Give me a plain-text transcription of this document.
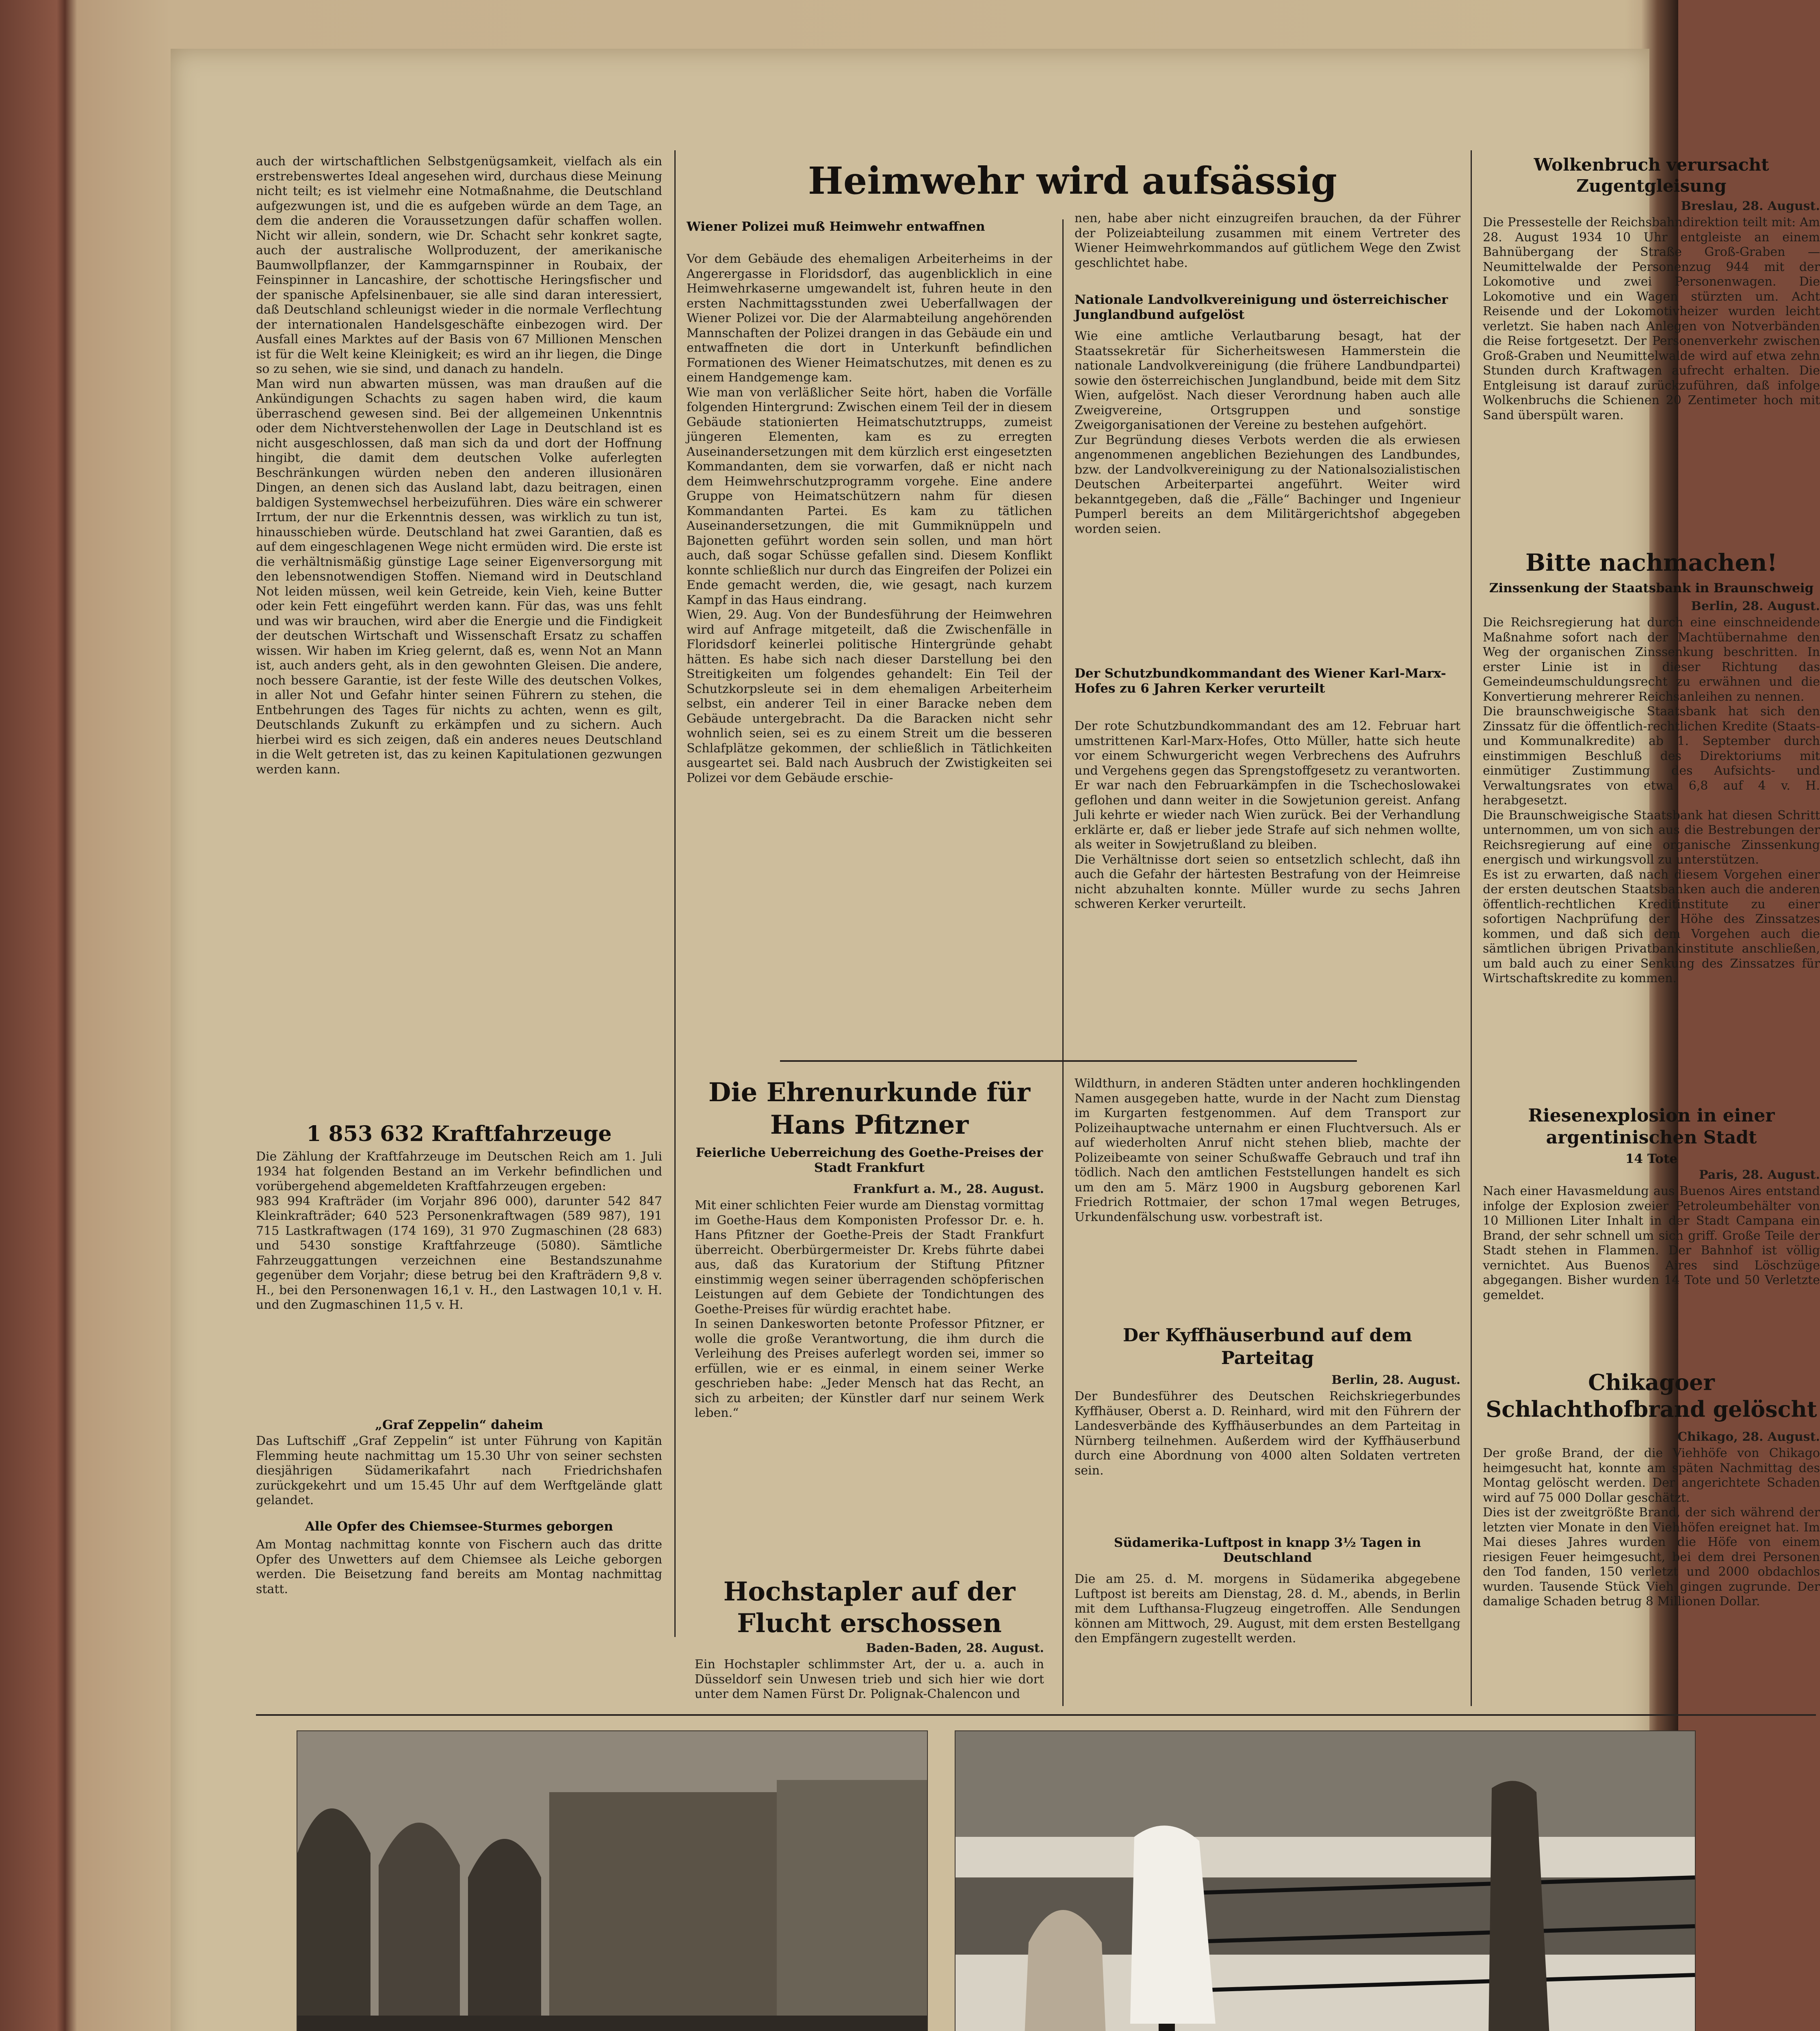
auch der wirtschaftlichen Selbstgenügsamkeit, vielfach als ein erstrebenswertes Ideal angesehen wird, durchaus diese Meinung nicht teilt; es ist vielmehr eine Notmaßnahme, die Deutschland aufgezwungen ist, und die es aufgeben würde an dem Tage, an dem die anderen die Voraussetzungen dafür schaffen wollen. Nicht wir allein, sondern, wie Dr. Schacht sehr konkret sagte, auch der australische Wollproduzent, der amerikanische Baumwollpflanzer, der Kammgarnspinner in Roubaix, der Feinspinner in Lancashire, der schottische Heringsfischer und der spanische Apfelsinenbauer, sie alle sind daran interessiert, daß Deutschland schleunigst wieder in die normale Verflechtung der internationalen Handelsgeschäfte einbezogen wird. Der Ausfall eines Marktes auf der Basis von 67 Millionen Menschen ist für die Welt keine Kleinigkeit; es wird an ihr liegen, die Dinge so zu sehen, wie sie sind, und danach zu handeln.
Man wird nun abwarten müssen, was man draußen auf die Ankündigungen Schachts zu sagen haben wird, die kaum überraschend gewesen sind. Bei der allgemeinen Unkenntnis oder dem Nichtverstehenwollen der Lage in Deutschland ist es nicht ausgeschlossen, daß man sich da und dort der Hoffnung hingibt, die damit dem deutschen Volke auferlegten Beschränkungen würden neben den anderen illusionären Dingen, an denen sich das Ausland labt, dazu beitragen, einen baldigen Systemwechsel herbeizuführen. Dies wäre ein schwerer Irrtum, der nur die Erkenntnis dessen, was wirklich zu tun ist, hinausschieben würde. Deutschland hat zwei Garantien, daß es auf dem eingeschlagenen Wege nicht ermüden wird. Die erste ist die verhältnismäßig günstige Lage seiner Eigenversorgung mit den lebensnotwendigen Stoffen. Niemand wird in Deutschland Not leiden müssen, weil kein Getreide, kein Vieh, keine Butter oder kein Fett eingeführt werden kann. Für das, was uns fehlt und was wir brauchen, wird aber die Energie und die Findigkeit der deutschen Wirtschaft und Wissenschaft Ersatz zu schaffen wissen. Wir haben im Krieg gelernt, daß es, wenn Not an Mann ist, auch anders geht, als in den gewohnten Gleisen. Die andere, noch bessere Garantie, ist der feste Wille des deutschen Volkes, in aller Not und Gefahr hinter seinen Führern zu stehen, die Entbehrungen des Tages für nichts zu achten, wenn es gilt, Deutschlands Zukunft zu erkämpfen und zu sichern. Auch hierbei wird es sich zeigen, daß ein anderes neues Deutschland in die Welt getreten ist, das zu keinen Kapitulationen gezwungen werden kann.
1 853 632 Kraftfahrzeuge
Die Zählung der Kraftfahrzeuge im Deutschen Reich am 1. Juli 1934 hat folgenden Bestand an im Verkehr befindlichen und vorübergehend abgemeldeten Kraftfahrzeugen ergeben:
983 994 Krafträder (im Vorjahr 896 000), darunter 542 847 Kleinkrafträder; 640 523 Personenkraftwagen (589 987), 191 715 Lastkraftwagen (174 169), 31 970 Zugmaschinen (28 683) und 5430 sonstige Kraftfahrzeuge (5080). Sämtliche Fahrzeuggattungen verzeichnen eine Bestandszunahme gegenüber dem Vorjahr; diese betrug bei den Krafträdern 9,8 v. H., bei den Personenwagen 16,1 v. H., den Lastwagen 10,1 v. H. und den Zugmaschinen 11,5 v. H.
„Graf Zeppelin“ daheim
Das Luftschiff „Graf Zeppelin“ ist unter Führung von Kapitän Flemming heute nachmittag um 15.30 Uhr von seiner sechsten diesjährigen Südamerikafahrt nach Friedrichshafen zurückgekehrt und um 15.45 Uhr auf dem Werftgelände glatt gelandet.
Alle Opfer des Chiemsee-Sturmes geborgen
Am Montag nachmittag konnte von Fischern auch das dritte Opfer des Unwetters auf dem Chiemsee als Leiche geborgen werden. Die Beisetzung fand bereits am Montag nachmittag statt.
Heimwehr wird aufsässig
Wiener Polizei muß Heimwehr entwaffnen
Vor dem Gebäude des ehemaligen Arbeiterheims in der Angerergasse in Floridsdorf, das augenblicklich in eine Heimwehrkaserne umgewandelt ist, fuhren heute in den ersten Nachmittagsstunden zwei Ueberfallwagen der Wiener Polizei vor. Die der Alarmabteilung angehörenden Mannschaften der Polizei drangen in das Gebäude ein und entwaffneten die dort in Unterkunft befindlichen Formationen des Wiener Heimatschutzes, mit denen es zu einem Handgemenge kam.
Wie man von verläßlicher Seite hört, haben die Vorfälle folgenden Hintergrund: Zwischen einem Teil der in diesem Gebäude stationierten Heimatschutztrupps, zumeist jüngeren Elementen, kam es zu erregten Auseinandersetzungen mit dem kürzlich erst eingesetzten Kommandanten, dem sie vorwarfen, daß er nicht nach dem Heimwehrschutzprogramm vorgehe. Eine andere Gruppe von Heimatschützern nahm für diesen Kommandanten Partei. Es kam zu tätlichen Auseinandersetzungen, die mit Gummiknüppeln und Bajonetten geführt worden sein sollen, und man hört auch, daß sogar Schüsse gefallen sind. Diesem Konflikt konnte schließlich nur durch das Eingreifen der Polizei ein Ende gemacht werden, die, wie gesagt, nach kurzem Kampf in das Haus eindrang.
Wien, 29. Aug. Von der Bundesführung der Heimwehren wird auf Anfrage mitgeteilt, daß die Zwischenfälle in Floridsdorf keinerlei politische Hintergründe gehabt hätten. Es habe sich nach dieser Darstellung bei den Streitigkeiten um folgendes gehandelt: Ein Teil der Schutzkorpsleute sei in dem ehemaligen Arbeiterheim selbst, ein anderer Teil in einer Baracke neben dem Gebäude untergebracht. Da die Baracken nicht sehr wohnlich seien, sei es zu einem Streit um die besseren Schlafplätze gekommen, der schließlich in Tätlichkeiten ausgeartet sei. Bald nach Ausbruch der Zwistigkeiten sei Polizei vor dem Gebäude erschie-
nen, habe aber nicht einzugreifen brauchen, da der Führer der Polizeiabteilung zusammen mit einem Vertreter des Wiener Heimwehrkommandos auf gütlichem Wege den Zwist geschlichtet habe.
Nationale Landvolkvereinigung und österreichischer Junglandbund aufgelöst
Wie eine amtliche Verlautbarung besagt, hat der Staatssekretär für Sicherheitswesen Hammerstein die nationale Landvolkvereinigung (die frühere Landbundpartei) sowie den österreichischen Junglandbund, beide mit dem Sitz Wien, aufgelöst. Nach dieser Verordnung haben auch alle Zweigvereine, Ortsgruppen und sonstige Zweigorganisationen der Vereine zu bestehen aufgehört.
Zur Begründung dieses Verbots werden die als erwiesen angenommenen angeblichen Beziehungen des Landbundes, bzw. der Landvolkvereinigung zu der Nationalsozialistischen Deutschen Arbeiterpartei angeführt. Weiter wird bekanntgegeben, daß die „Fälle“ Bachinger und Ingenieur Pumperl bereits an dem Militärgerichtshof abgegeben worden seien.
Der Schutzbundkommandant des Wiener Karl-Marx-Hofes zu 6 Jahren Kerker verurteilt
Der rote Schutzbundkommandant des am 12. Februar hart umstrittenen Karl-Marx-Hofes, Otto Müller, hatte sich heute vor einem Schwurgericht wegen Verbrechens des Aufruhrs und Vergehens gegen das Sprengstoffgesetz zu verantworten. Er war nach den Februarkämpfen in die Tschechoslowakei geflohen und dann weiter in die Sowjetunion gereist. Anfang Juli kehrte er wieder nach Wien zurück. Bei der Verhandlung erklärte er, daß er lieber jede Strafe auf sich nehmen wollte, als weiter in Sowjetrußland zu bleiben.
Die Verhältnisse dort seien so entsetzlich schlecht, daß ihn auch die Gefahr der härtesten Bestrafung von der Heimreise nicht abzuhalten konnte. Müller wurde zu sechs Jahren schweren Kerker verurteilt.
Die Ehrenurkunde für Hans Pfitzner
Feierliche Ueberreichung des Goethe-Preises der Stadt Frankfurt
Frankfurt a. M., 28. August.
Mit einer schlichten Feier wurde am Dienstag vormittag im Goethe-Haus dem Komponisten Professor Dr. e. h. Hans Pfitzner der Goethe-Preis der Stadt Frankfurt überreicht. Oberbürgermeister Dr. Krebs führte dabei aus, daß das Kuratorium der Stiftung Pfitzner einstimmig wegen seiner überragenden schöpferischen Leistungen auf dem Gebiete der Tondichtungen des Goethe-Preises für würdig erachtet habe.
In seinen Dankesworten betonte Professor Pfitzner, er wolle die große Verantwortung, die ihm durch die Verleihung des Preises auferlegt worden sei, immer so erfüllen, wie er es einmal, in einem seiner Werke geschrieben habe: „Jeder Mensch hat das Recht, an sich zu arbeiten; der Künstler darf nur seinem Werk leben.“
Hochstapler auf der Flucht erschossen
Baden-Baden, 28. August.
Ein Hochstapler schlimmster Art, der u. a. auch in Düsseldorf sein Unwesen trieb und sich hier wie dort unter dem Namen Fürst Dr. Polignak-Chalencon und
Wildthurn, in anderen Städten unter anderen hochklingenden Namen ausgegeben hatte, wurde in der Nacht zum Dienstag im Kurgarten festgenommen. Auf dem Transport zur Polizeihauptwache unternahm er einen Fluchtversuch. Als er auf wiederholten Anruf nicht stehen blieb, machte der Polizeibeamte von seiner Schußwaffe Gebrauch und traf ihn tödlich. Nach den amtlichen Feststellungen handelt es sich um den am 5. März 1900 in Augsburg geborenen Karl Friedrich Rottmaier, der schon 17mal wegen Betruges, Urkundenfälschung usw. vorbestraft ist.
Der Kyffhäuserbund auf dem Parteitag
Berlin, 28. August.
Der Bundesführer des Deutschen Reichskriegerbundes Kyffhäuser, Oberst a. D. Reinhard, wird mit den Führern der Landesverbände des Kyffhäuserbundes an dem Parteitag in Nürnberg teilnehmen. Außerdem wird der Kyffhäuserbund durch eine Abordnung von 4000 alten Soldaten vertreten sein.
Südamerika-Luftpost in knapp 3½ Tagen in Deutschland
Die am 25. d. M. morgens in Südamerika abgegebene Luftpost ist bereits am Dienstag, 28. d. M., abends, in Berlin mit dem Lufthansa-Flugzeug eingetroffen. Alle Sendungen können am Mittwoch, 29. August, mit dem ersten Bestellgang den Empfängern zugestellt werden.
Wolkenbruch verursacht Zugentgleisung
Breslau, 28. August.
Die Pressestelle der Reichsbahndirektion teilt mit: Am 28. August 1934 10 Uhr entgleiste an einem Bahnübergang der Straße Groß-Graben — Neumittelwalde der Personenzug 944 mit der Lokomotive und zwei Personenwagen. Die Lokomotive und ein Wagen stürzten um. Acht Reisende und der Lokomotivheizer wurden leicht verletzt. Sie haben nach Anlegen von Notverbänden die Reise fortgesetzt. Der Personenverkehr zwischen Groß-Graben und Neumittelwalde wird auf etwa zehn Stunden durch Kraftwagen aufrecht erhalten. Die Entgleisung ist darauf zurückzuführen, daß infolge Wolkenbruchs die Schienen 20 Zentimeter hoch mit Sand überspült waren.
Bitte nachmachen!
Zinssenkung der Staatsbank in Braunschweig
Berlin, 28. August.
Die Reichsregierung hat durch eine einschneidende Maßnahme sofort nach der Machtübernahme den Weg der organischen Zinssenkung beschritten. In erster Linie ist in dieser Richtung das Gemeindeumschuldungsrecht zu erwähnen und die Konvertierung mehrerer Reichsanleihen zu nennen.
Die braunschweigische Staatsbank hat sich den Zinssatz für die öffentlich-rechtlichen Kredite (Staats- und Kommunalkredite) ab 1. September durch einstimmigen Beschluß des Direktoriums mit einmütiger Zustimmung des Aufsichts- und Verwaltungsrates von etwa 6,8 auf 4 v. H. herabgesetzt.
Die Braunschweigische Staatsbank hat diesen Schritt unternommen, um von sich aus die Bestrebungen der Reichsregierung auf eine organische Zinssenkung energisch und wirkungsvoll zu unterstützen.
Es ist zu erwarten, daß nach diesem Vorgehen einer der ersten deutschen Staatsbanken auch die anderen öffentlich-rechtlichen Kreditinstitute zu einer sofortigen Nachprüfung der Höhe des Zinssatzes kommen, und daß sich dem Vorgehen auch die sämtlichen übrigen Privatbankinstitute anschließen, um bald auch zu einer Senkung des Zinssatzes für Wirtschaftskredite zu kommen.
Riesenexplosion in einer argentinischen Stadt
14 Tote
Paris, 28. August.
Nach einer Havasmeldung aus Buenos Aires entstand infolge der Explosion zweier Petroleumbehälter von 10 Millionen Liter Inhalt in der Stadt Campana ein Brand, der sehr schnell um sich griff. Große Teile der Stadt stehen in Flammen. Der Bahnhof ist völlig vernichtet. Aus Buenos Aires sind Löschzüge abgegangen. Bisher wurden 14 Tote und 50 Verletzte gemeldet.
Chikagoer Schlachthofbrand gelöscht
Chikago, 28. August.
Der große Brand, der die Viehhöfe von Chikago heimgesucht hat, konnte am späten Nachmittag des Montag gelöscht werden. Der angerichtete Schaden wird auf 75 000 Dollar geschätzt.
Dies ist der zweitgrößte Brand, der sich während der letzten vier Monate in den Viehhöfen ereignet hat. Im Mai dieses Jahres wurden die Höfe von einem riesigen Feuer heimgesucht, bei dem drei Personen den Tod fanden, 150 verletzt und 2000 obdachlos wurden. Tausende Stück Vieh gingen zugrunde. Der damalige Schaden betrug 8 Millionen Dollar.
